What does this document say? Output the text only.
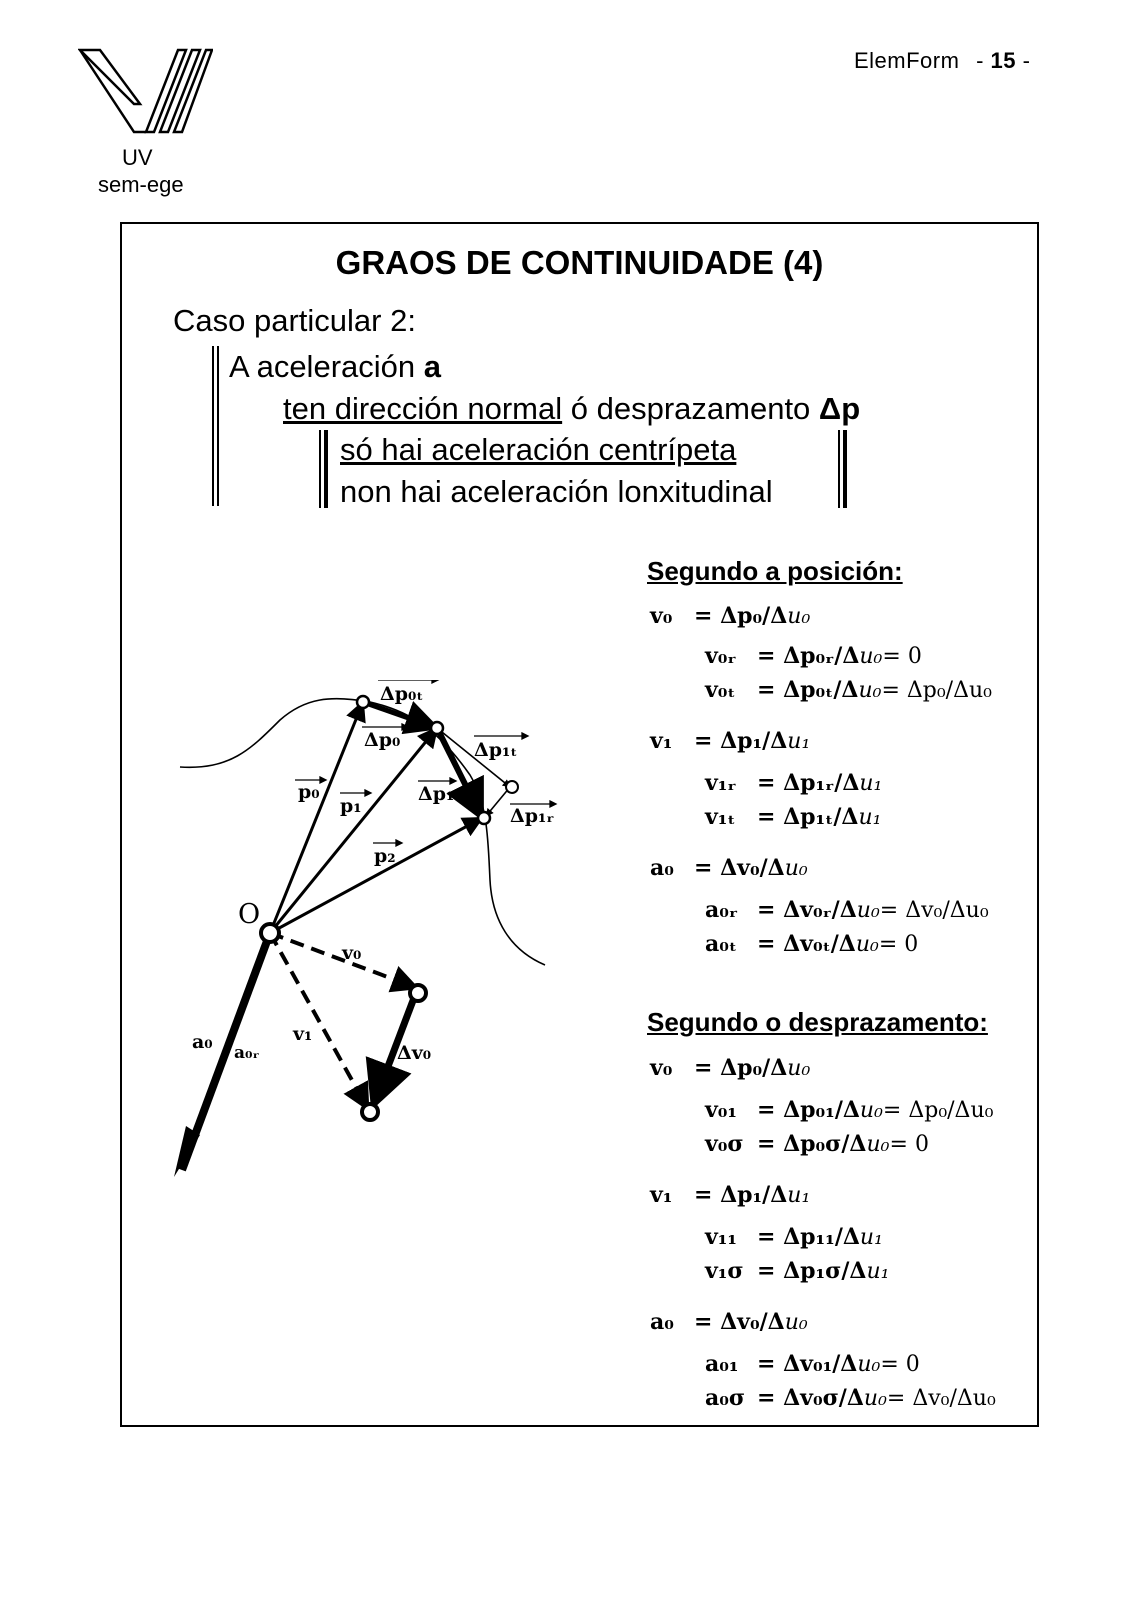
UV
sem-ege
ElemForm - 15 -
GRAOS DE CONTINUIDADE (4)
Caso particular 2:
A aceleración a
ten dirección normal ó desprazamento Δp
só hai aceleración centrípeta
non hai aceleración lonxitudinal
Segundo a posición:
Segundo o desprazamento:
v₀ = Δp₀/Δu₀
v₀ᵣ = Δp₀ᵣ/Δu₀= 0
v₀ₜ = Δp₀ₜ/Δu₀= Δp₀/Δu₀
v₁ = Δp₁/Δu₁
v₁ᵣ = Δp₁ᵣ/Δu₁
v₁ₜ = Δp₁ₜ/Δu₁
a₀ = Δv₀/Δu₀
a₀ᵣ = Δv₀ᵣ/Δu₀= Δv₀/Δu₀
a₀ₜ = Δv₀ₜ/Δu₀= 0
v₀ = Δp₀/Δu₀
v₀₁ = Δp₀₁/Δu₀= Δp₀/Δu₀
v₀σ = Δp₀σ/Δu₀= 0
v₁ = Δp₁/Δu₁
v₁₁ = Δp₁₁/Δu₁
v₁σ = Δp₁σ/Δu₁
a₀ = Δv₀/Δu₀
a₀₁ = Δv₀₁/Δu₀= 0
a₀σ = Δv₀σ/Δu₀= Δv₀/Δu₀
Δp₀ₜ
Δp₀	Δp₁ₜ
p₀
p₁
Δp₁
Δp₁ᵣ
p₂
O
v₀
v₁
Δv₀
a₀ a₀ᵣ
